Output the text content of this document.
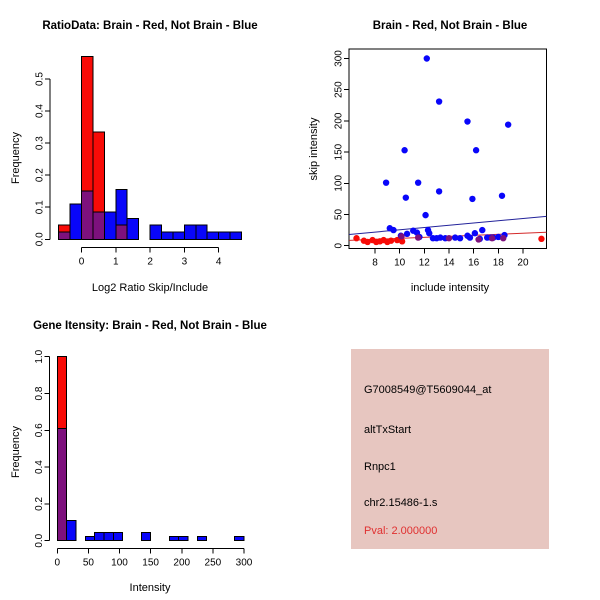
RatioData: Brain - Red, Not Brain - Blue
Frequency
0.0
0.1
0.2
0.3
0.4
0.5
0	1	2	3	4
Log2 Ratio Skip/Include
Brain - Red, Not Brain - Blue
skip intensity
0
50
100
150
200
250
300
8 10 12 14 16 18 20
include intensity
Gene Itensity: Brain - Red, Not Brain - Blue
Frequency
0.0
0.2
0.4
0.6
0.8
1.0
0 50 100 150 200 250 300
Intensity
G7008549@T5609044_at
altTxStart
Rnpc1
chr2.15486-1.s
Pval: 2.000000
